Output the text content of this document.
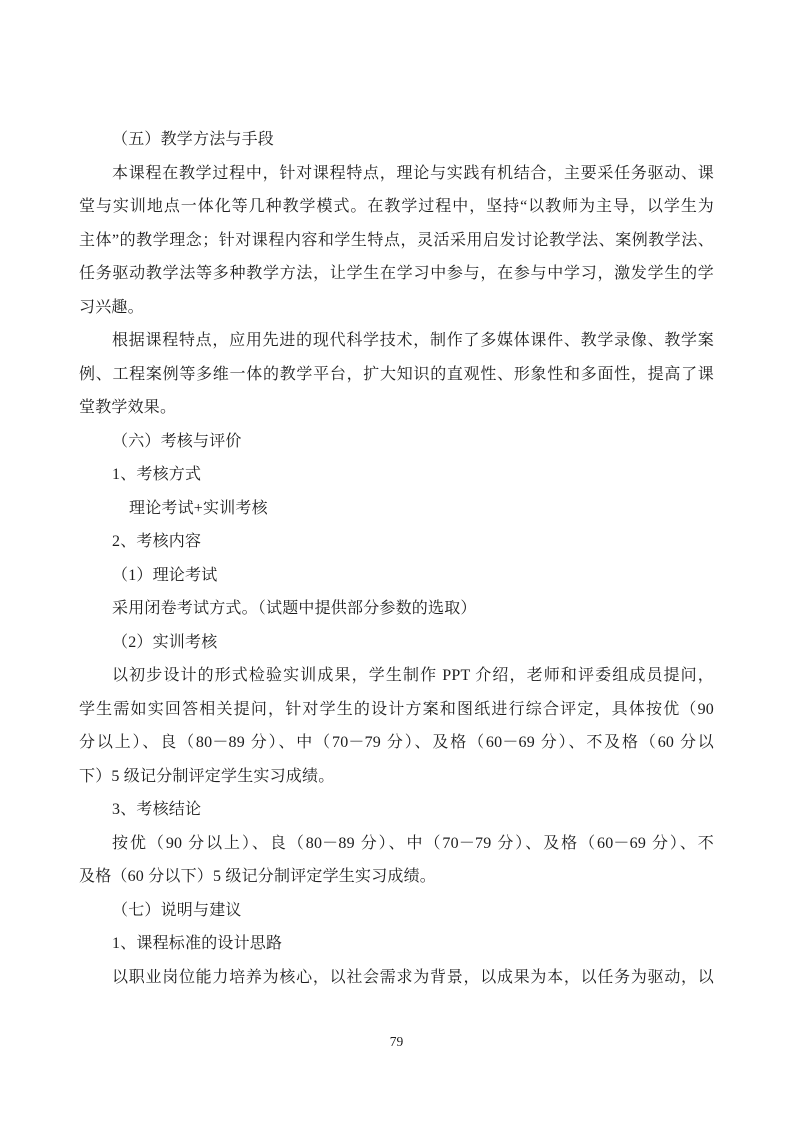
（五）教学方法与手段
本课程在教学过程中，针对课程特点，理论与实践有机结合，主要采任务驱动、课
堂与实训地点一体化等几种教学模式。在教学过程中，坚持“以教师为主导，以学生为
主体”的教学理念；针对课程内容和学生特点，灵活采用启发讨论教学法、案例教学法、
任务驱动教学法等多种教学方法，让学生在学习中参与，在参与中学习，激发学生的学
习兴趣。
根据课程特点，应用先进的现代科学技术，制作了多媒体课件、教学录像、教学案
例、工程案例等多维一体的教学平台，扩大知识的直观性、形象性和多面性，提高了课
堂教学效果。
（六）考核与评价
1、考核方式
理论考试+实训考核
2、考核内容
（1）理论考试
采用闭卷考试方式。（试题中提供部分参数的选取）
（2）实训考核
以初步设计的形式检验实训成果，学生制作 PPT 介绍，老师和评委组成员提问，
学生需如实回答相关提问，针对学生的设计方案和图纸进行综合评定，具体按优（90
分以上）、良（80－89 分）、中（70－79 分）、及格（60－69 分）、不及格（60 分以
下）5 级记分制评定学生实习成绩。
3、考核结论
按优（90 分以上）、良（80－89 分）、中（70－79 分）、及格（60－69 分）、不
及格（60 分以下）5 级记分制评定学生实习成绩。
（七）说明与建议
1、课程标准的设计思路
以职业岗位能力培养为核心，以社会需求为背景，以成果为本，以任务为驱动，以
79
